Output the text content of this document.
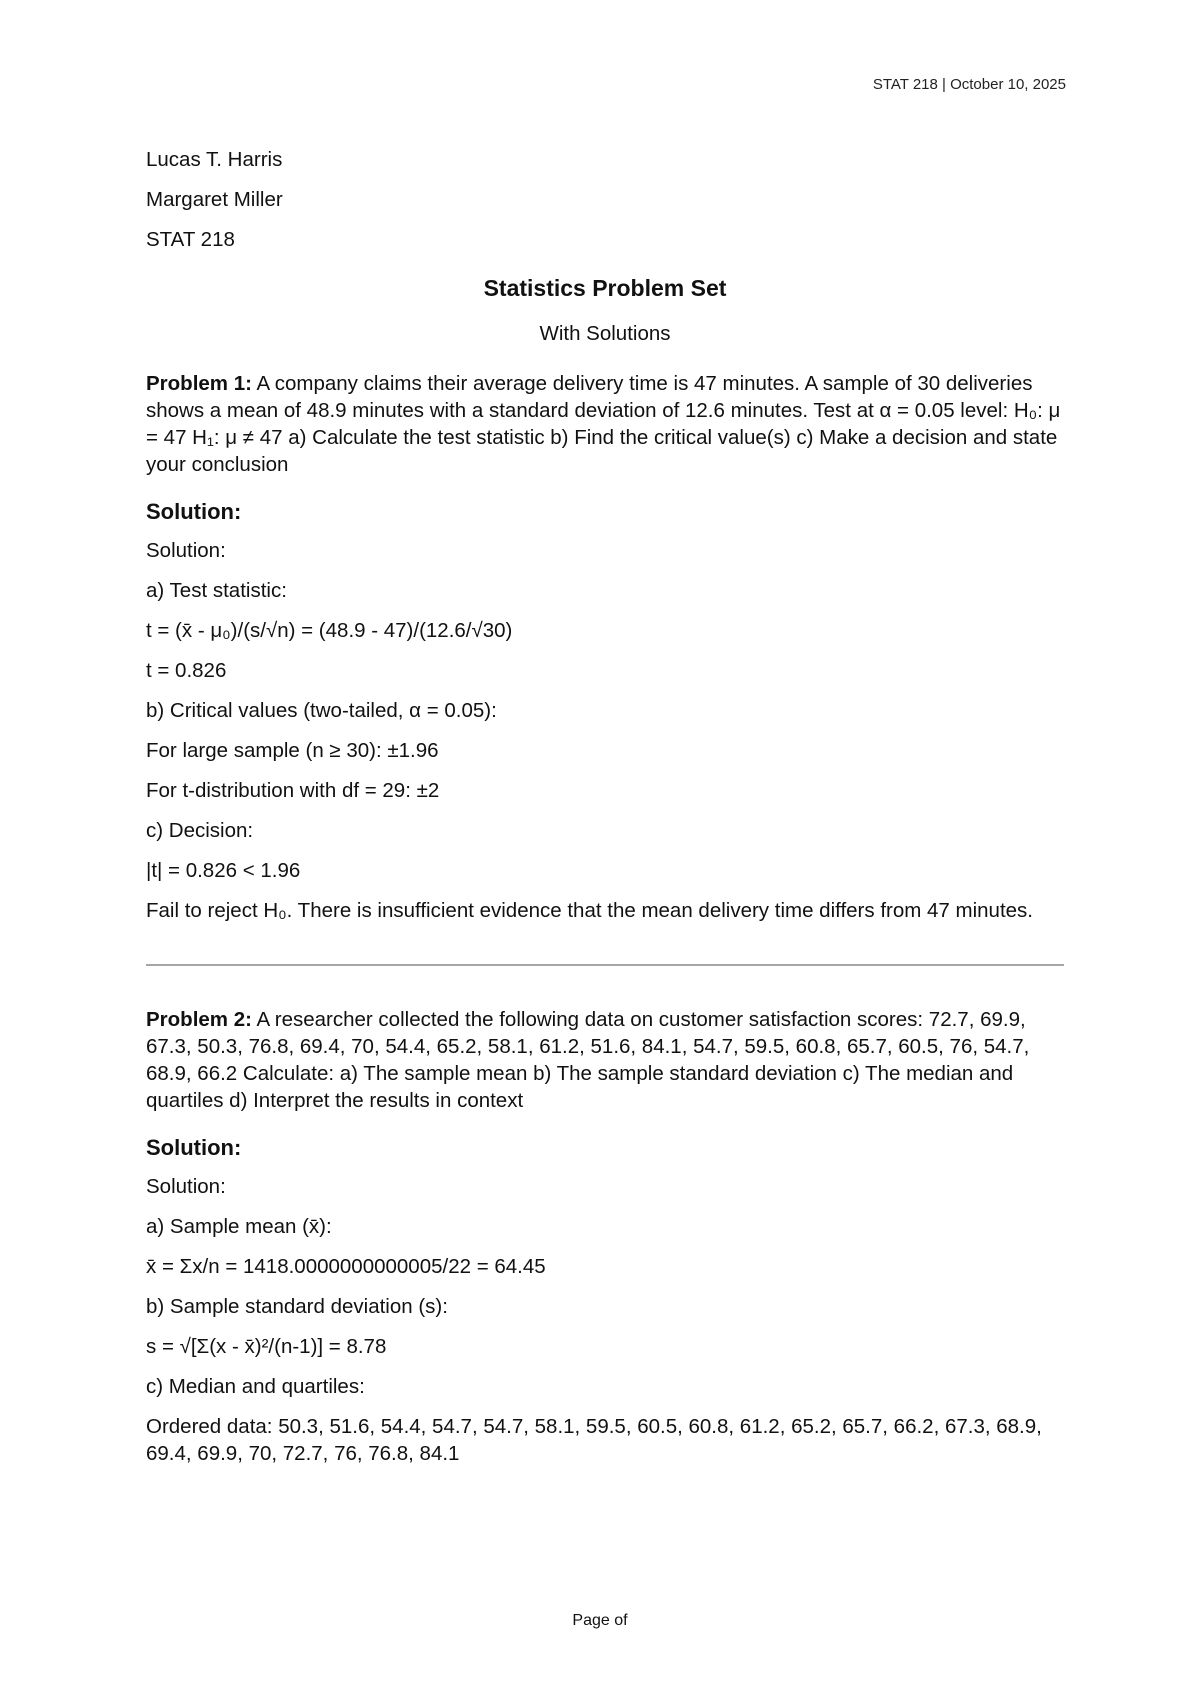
STAT 218 | October 10, 2025
Lucas T. Harris
Margaret Miller
STAT 218
Statistics Problem Set
With Solutions
Problem 1: A company claims their average delivery time is 47 minutes. A sample of 30 deliveries shows a mean of 48.9 minutes with a standard deviation of 12.6 minutes. Test at α = 0.05 level: H₀: μ = 47 H₁: μ ≠ 47 a) Calculate the test statistic b) Find the critical value(s) c) Make a decision and state your conclusion
Solution:
Solution:
a) Test statistic:
t = (x̄ - μ₀)/(s/√n) = (48.9 - 47)/(12.6/√30)
t = 0.826
b) Critical values (two-tailed, α = 0.05):
For large sample (n ≥ 30): ±1.96
For t-distribution with df = 29: ±2
c) Decision:
|t| = 0.826 < 1.96
Fail to reject H₀. There is insufficient evidence that the mean delivery time differs from 47 minutes.
Problem 2: A researcher collected the following data on customer satisfaction scores: 72.7, 69.9, 67.3, 50.3, 76.8, 69.4, 70, 54.4, 65.2, 58.1, 61.2, 51.6, 84.1, 54.7, 59.5, 60.8, 65.7, 60.5, 76, 54.7, 68.9, 66.2 Calculate: a) The sample mean b) The sample standard deviation c) The median and quartiles d) Interpret the results in context
Solution:
Solution:
a) Sample mean (x̄):
x̄ = Σx/n = 1418.0000000000005/22 = 64.45
b) Sample standard deviation (s):
s = √[Σ(x - x̄)²/(n-1)] = 8.78
c) Median and quartiles:
Ordered data: 50.3, 51.6, 54.4, 54.7, 54.7, 58.1, 59.5, 60.5, 60.8, 61.2, 65.2, 65.7, 66.2, 67.3, 68.9, 69.4, 69.9, 70, 72.7, 76, 76.8, 84.1
Page of
